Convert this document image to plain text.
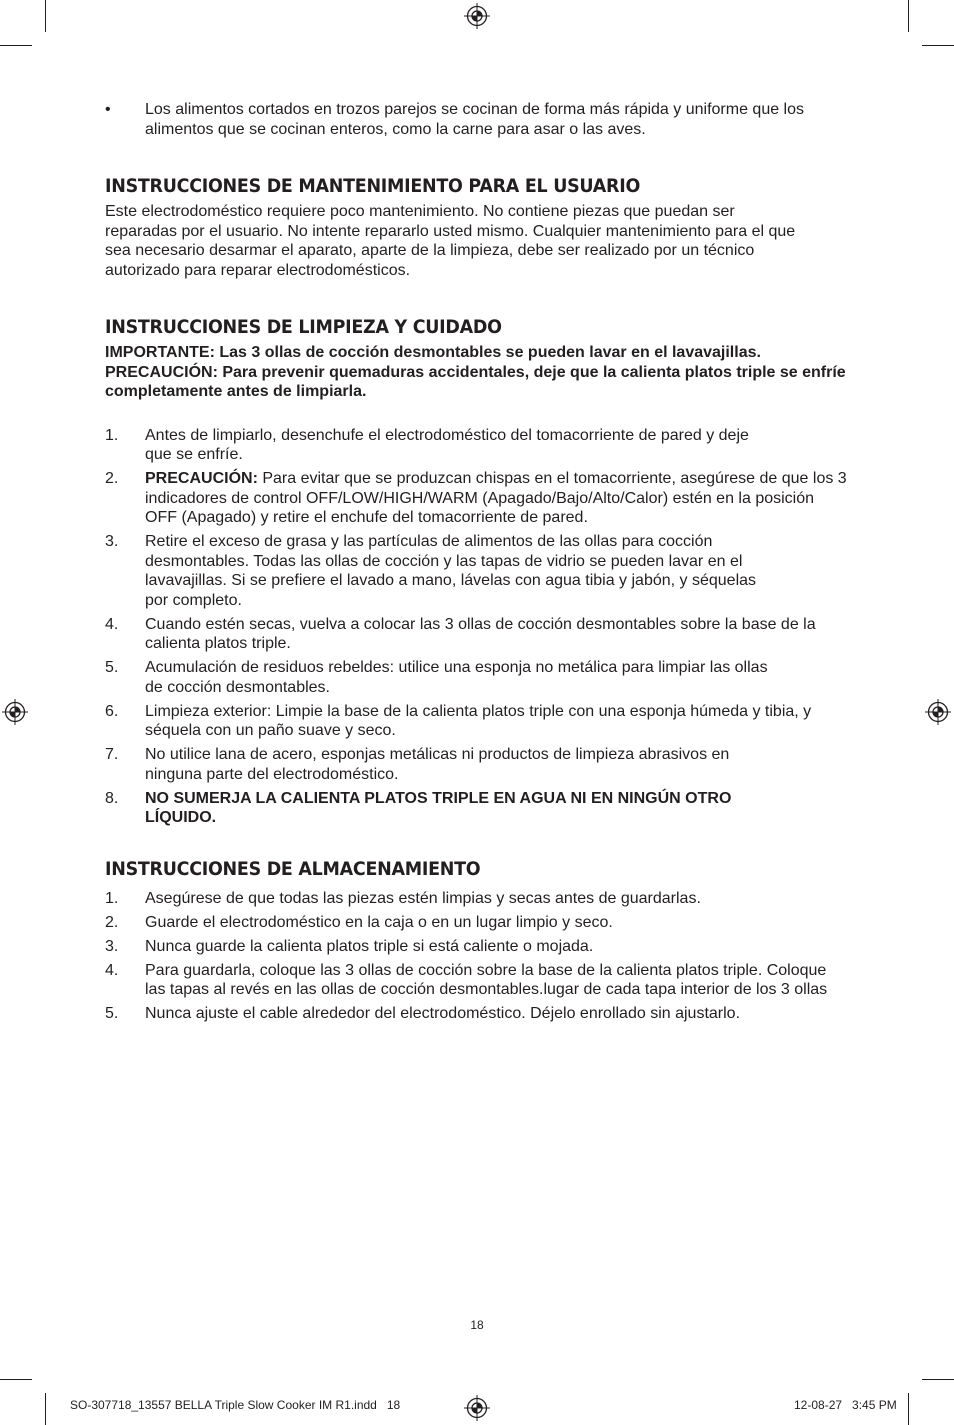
•	Los alimentos cortados en trozos parejos se cocinan de forma más rápida y uniforme que los alimentos que se cocinan enteros, como la carne para asar o las aves.
INSTRUCCIONES DE MANTENIMIENTO PARA EL USUARIO

Este electrodoméstico requiere poco mantenimiento. No contiene piezas que puedan ser reparadas por el usuario. No intente repararlo usted mismo. Cualquier mantenimiento para el que sea necesario desarmar el aparato, aparte de la limpieza, debe ser realizado por un técnico autorizado para reparar electrodomésticos.

INSTRUCCIONES DE LIMPIEZA Y CUIDADO

IMPORTANTE: Las 3 ollas de cocción desmontables se pueden lavar en el lavavajillas.

PRECAUCIÓN: Para prevenir quemaduras accidentales, deje que la calienta platos triple se enfríe completamente antes de limpiarla.

1.	Antes de limpiarlo, desenchufe el electrodoméstico del tomacorriente de pared y deje que se enfríe.
2.	PRECAUCIÓN: Para evitar que se produzcan chispas en el tomacorriente, asegúrese de que los 3 indicadores de control OFF/LOW/HIGH/WARM (Apagado/Bajo/Alto/Calor) estén en la posición OFF (Apagado) y retire el enchufe del tomacorriente de pared.
3.	Retire el exceso de grasa y las partículas de alimentos de las ollas para cocción desmontables. Todas las ollas de cocción y las tapas de vidrio se pueden lavar en el lavavajillas. Si se prefiere el lavado a mano, lávelas con agua tibia y jabón, y séquelas por completo.
4.	Cuando estén secas, vuelva a colocar las 3 ollas de cocción desmontables sobre la base de la calienta platos triple.
5.	Acumulación de residuos rebeldes: utilice una esponja no metálica para limpiar las ollas de cocción desmontables.
6.	Limpieza exterior: Limpie la base de la calienta platos triple con una esponja húmeda y tibia, y séquela con un paño suave y seco.
7.	No utilice lana de acero, esponjas metálicas ni productos de limpieza abrasivos en ninguna parte del electrodoméstico.
8.	NO SUMERJA LA CALIENTA PLATOS TRIPLE EN AGUA NI EN NINGÚN OTRO LÍQUIDO.
INSTRUCCIONES DE ALMACENAMIENTO
1.	Asegúrese de que todas las piezas estén limpias y secas antes de guardarlas.
2.	Guarde el electrodoméstico en la caja o en un lugar limpio y seco.
3.	Nunca guarde la calienta platos triple si está caliente o mojada.
4.	Para guardarla, coloque las 3 ollas de cocción sobre la base de la calienta platos triple. Coloque las tapas al revés en las ollas de cocción desmontables.lugar de cada tapa interior de los 3 ollas
5.	Nunca ajuste el cable alrededor del electrodoméstico. Déjelo enrollado sin ajustarlo.
18
SO-307718_13557 BELLA Triple Slow Cooker IM R1.indd   18	12-08-27   3:45 PM
